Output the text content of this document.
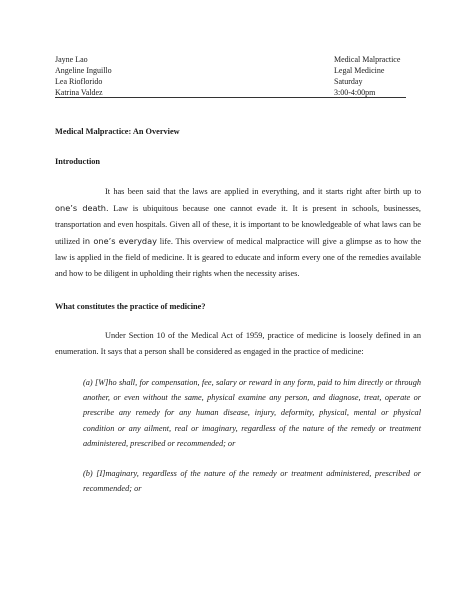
Jayne Lao	Medical Malpractice
Angeline Inguillo	Legal Medicine
Lea Rioflorido	Saturday
Katrina Valdez	3:00-4:00pm

Medical Malpractice: An Overview

Introduction

It has been said that the laws are applied in everything, and it starts right after birth up to one’s death. Law is ubiquitous because one cannot evade it. It is present in schools, businesses, transportation and even hospitals. Given all of these, it is important to be knowledgeable of what laws can be utilized in one’s everyday life. This overview of medical malpractice will give a glimpse as to how the law is applied in the field of medicine. It is geared to educate and inform every one of the remedies available and how to be diligent in upholding their rights when the necessity arises.

What constitutes the practice of medicine?

Under Section 10 of the Medical Act of 1959, practice of medicine is loosely defined in an enumeration. It says that a person shall be considered as engaged in the practice of medicine:

(a) [W]ho shall, for compensation, fee, salary or reward in any form, paid to him directly or through another, or even without the same, physical examine any person, and diagnose, treat, operate or prescribe any remedy for any human disease, injury, deformity, physical, mental or physical condition or any ailment, real or imaginary, regardless of the nature of the remedy or treatment administered, prescribed or recommended; or

(b) [I]maginary, regardless of the nature of the remedy or treatment administered, prescribed or recommended; or
